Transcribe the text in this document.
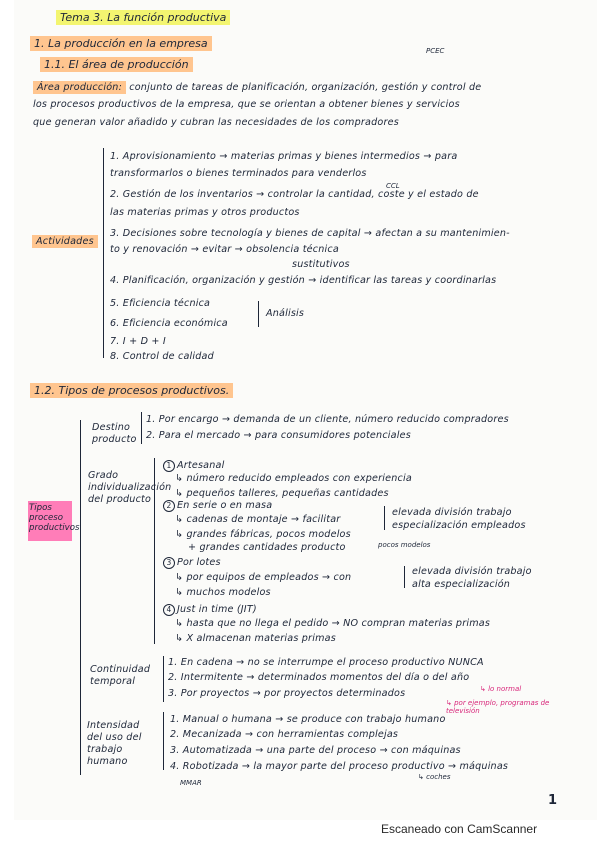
Tema 3. La función productiva
1. La producción en la empresa
1.1. El área de producción
PCEC
Área producción: conjunto de tareas de planificación, organización, gestión y control de
los procesos productivos de la empresa, que se orientan a obtener bienes y servicios
que generan valor añadido y cubran las necesidades de los compradores
Actividades
1. Aprovisionamiento → materias primas y bienes intermedios → para
transformarlos o bienes terminados para venderlos
2. Gestión de los inventarios → controlar la cantidad, coste y el estado de
las materias primas y otros productos
CCL
3. Decisiones sobre tecnología y bienes de capital → afectan a su mantenimien-
to y renovación → evitar → obsolencia técnica
sustitutivos
4. Planificación, organización y gestión → identificar las tareas y coordinarlas
5. Eficiencia técnica
6. Eficiencia económica
Análisis
7. I + D + I
8. Control de calidad
1.2. Tipos de procesos productivos.
Tipos proceso productivos
Destino producto
1. Por encargo → demanda de un cliente, número reducido compradores
2. Para el mercado → para consumidores potenciales
Grado individualización del producto
1 Artesanal
↳ número reducido empleados con experiencia
↳ pequeños talleres, pequeñas cantidades
2 En serie o en masa
↳ cadenas de montaje → facilitar
elevada división trabajo
especialización empleados
↳ grandes fábricas, pocos modelos
+ grandes cantidades producto	pocos modelos
3 Por lotes
↳ por equipos de empleados → con
elevada división trabajo
alta especialización
↳ muchos modelos
4 Just in time (JIT)
↳ hasta que no llega el pedido → NO compran materias primas
↳ X almacenan materias primas
Continuidad temporal
1. En cadena → no se interrumpe el proceso productivo NUNCA
2. Intermitente → determinados momentos del día o del año
↳ lo normal
3. Por proyectos → por proyectos determinados
↳ por ejemplo, programas de televisión
Intensidad del uso del trabajo humano
1. Manual o humana → se produce con trabajo humano
2. Mecanizada → con herramientas complejas
3. Automatizada → una parte del proceso → con máquinas
4. Robotizada → la mayor parte del proceso productivo → máquinas
↳ coches
MMAR
1
Escaneado con CamScanner
